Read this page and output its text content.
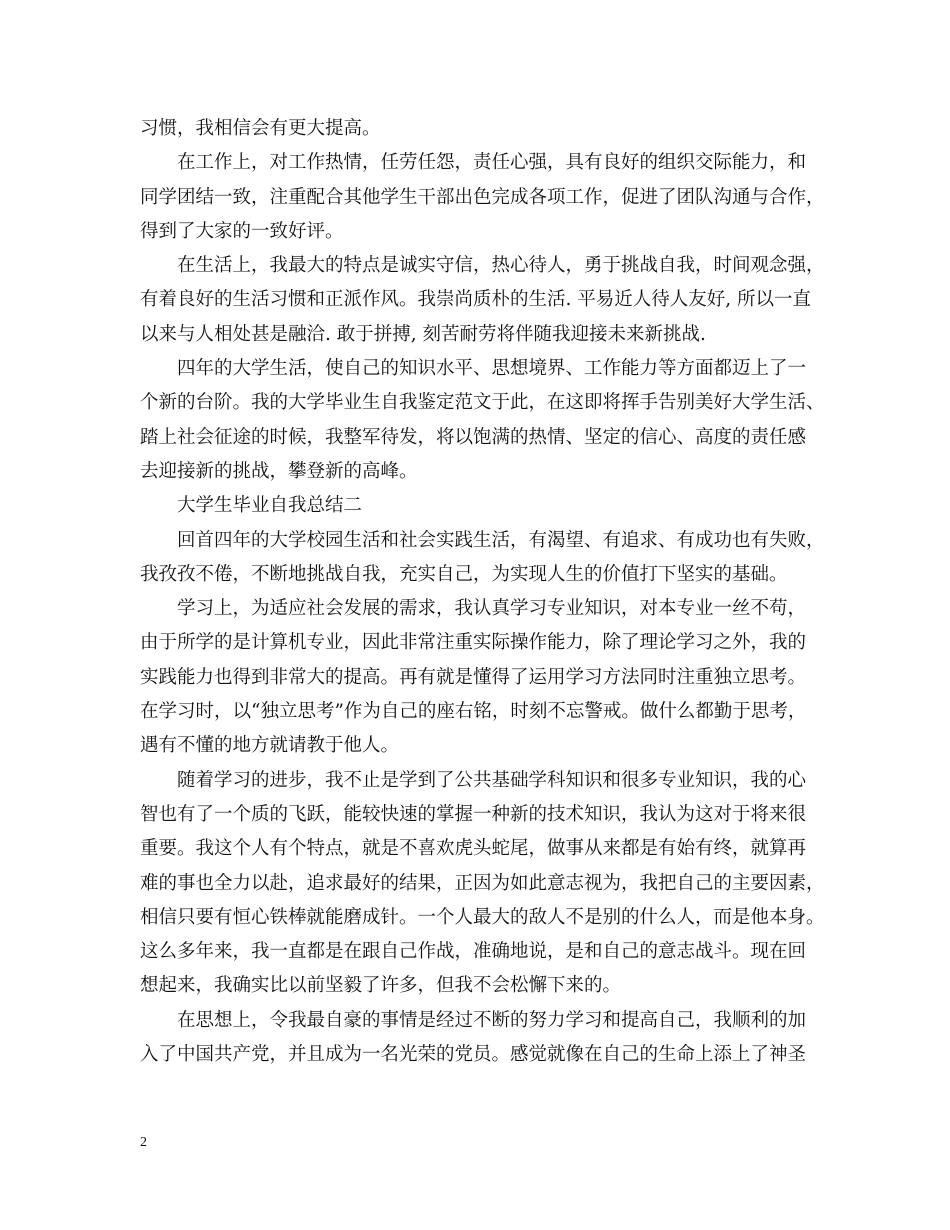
习惯，我相信会有更大提高。
在工作上，对工作热情，任劳任怨，责任心强，具有良好的组织交际能力，和
同学团结一致，注重配合其他学生干部出色完成各项工作，促进了团队沟通与合作，
得到了大家的一致好评。
在生活上，我最大的特点是诚实守信，热心待人，勇于挑战自我，时间观念强，
有着良好的生活习惯和正派作风。我崇尚质朴的生活. 平易近人待人友好, 所以一直
以来与人相处甚是融洽. 敢于拼搏, 刻苦耐劳将伴随我迎接未来新挑战.
四年的大学生活，使自己的知识水平、思想境界、工作能力等方面都迈上了一
个新的台阶。我的大学毕业生自我鉴定范文于此，在这即将挥手告别美好大学生活、
踏上社会征途的时候，我整军待发，将以饱满的热情、坚定的信心、高度的责任感
去迎接新的挑战，攀登新的高峰。
大学生毕业自我总结二
回首四年的大学校园生活和社会实践生活，有渴望、有追求、有成功也有失败，
我孜孜不倦，不断地挑战自我，充实自己，为实现人生的价值打下坚实的基础。
学习上，为适应社会发展的需求，我认真学习专业知识，对本专业一丝不苟，
由于所学的是计算机专业，因此非常注重实际操作能力，除了理论学习之外，我的
实践能力也得到非常大的提高。再有就是懂得了运用学习方法同时注重独立思考。
在学习时，以“独立思考”作为自己的座右铭，时刻不忘警戒。做什么都勤于思考，
遇有不懂的地方就请教于他人。
随着学习的进步，我不止是学到了公共基础学科知识和很多专业知识，我的心
智也有了一个质的飞跃，能较快速的掌握一种新的技术知识，我认为这对于将来很
重要。我这个人有个特点，就是不喜欢虎头蛇尾，做事从来都是有始有终，就算再
难的事也全力以赴，追求最好的结果，正因为如此意志视为，我把自己的主要因素，
相信只要有恒心铁棒就能磨成针。一个人最大的敌人不是别的什么人，而是他本身。
这么多年来，我一直都是在跟自己作战，准确地说，是和自己的意志战斗。现在回
想起来，我确实比以前坚毅了许多，但我不会松懈下来的。
在思想上，令我最自豪的事情是经过不断的努力学习和提高自己，我顺利的加
入了中国共产党，并且成为一名光荣的党员。感觉就像在自己的生命上添上了神圣
2
